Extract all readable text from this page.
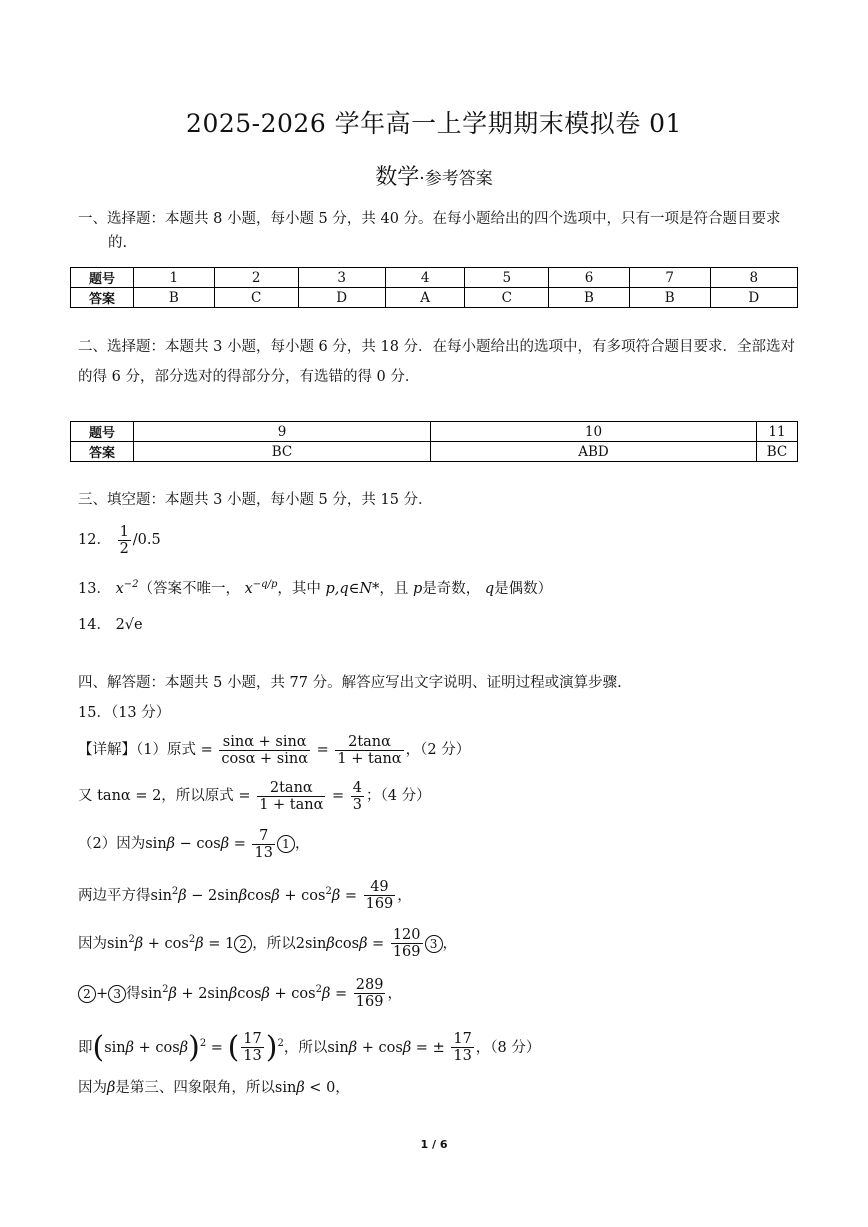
2025-2026 学年高一上学期期末模拟卷 01
数学·参考答案
一、选择题：本题共 8 小题，每小题 5 分，共 40 分。在每小题给出的四个选项中，只有一项是符合题目要求的.
题号	1	2	3	4	5	6	7	8
答案	B	C	D	A	C	B	B	D
二、选择题：本题共 3 小题，每小题 6 分，共 18 分．在每小题给出的选项中，有多项符合题目要求．全部选对的得 6 分，部分选对的得部分分，有选错的得 0 分．
题号	9	10	11
答案	BC	ABD	BC
三、填空题：本题共 3 小题，每小题 5 分，共 15 分．
12． $\frac{1}{2} /0.5$
13． $x^{-2}$（答案不唯一， $x^{-q/p}$，其中 p,q∈N*，且 p是奇数， q是偶数）
14． 2√e
四、解答题：本题共 5 小题，共 77 分。解答应写出文字说明、证明过程或演算步骤.
15．（13 分）
【详解】（1）原式 = $\frac{\sin\alpha + \sin\alpha}{\cos\alpha + \sin\alpha} = \frac{2\tan\alpha}{1 + \tan\alpha}$ ，（2 分）
又 tanα = 2，所以原式 = $\frac{2\tan\alpha}{1 + \tan\alpha} = \frac{4}{3}$ ；（4 分）
（2）因为$\sin\beta - \cos\beta = \frac{7}{13} 1$ ，
两边平方得$\sin^2\beta - 2\sin\beta\cos\beta + \cos^2\beta = \frac{49}{169}$ ，
因为$\sin^2\beta + \cos^2\beta = 1$ 2 ，所以$2\sin\beta\cos\beta = \frac{120}{169} 3$ ，
2 + 3 得$\sin^2\beta + 2\sin\beta\cos\beta + \cos^2\beta = \frac{289}{169}$ ，
即$(\sin\beta + \cos\beta)^2$ = ( $\frac{17}{13} )^2$，所以sinβ + cosβ = ± $\frac{17}{13}$ ，（8 分）
因为β是第三、四象限角，所以sinβ < 0，
1 / 6
